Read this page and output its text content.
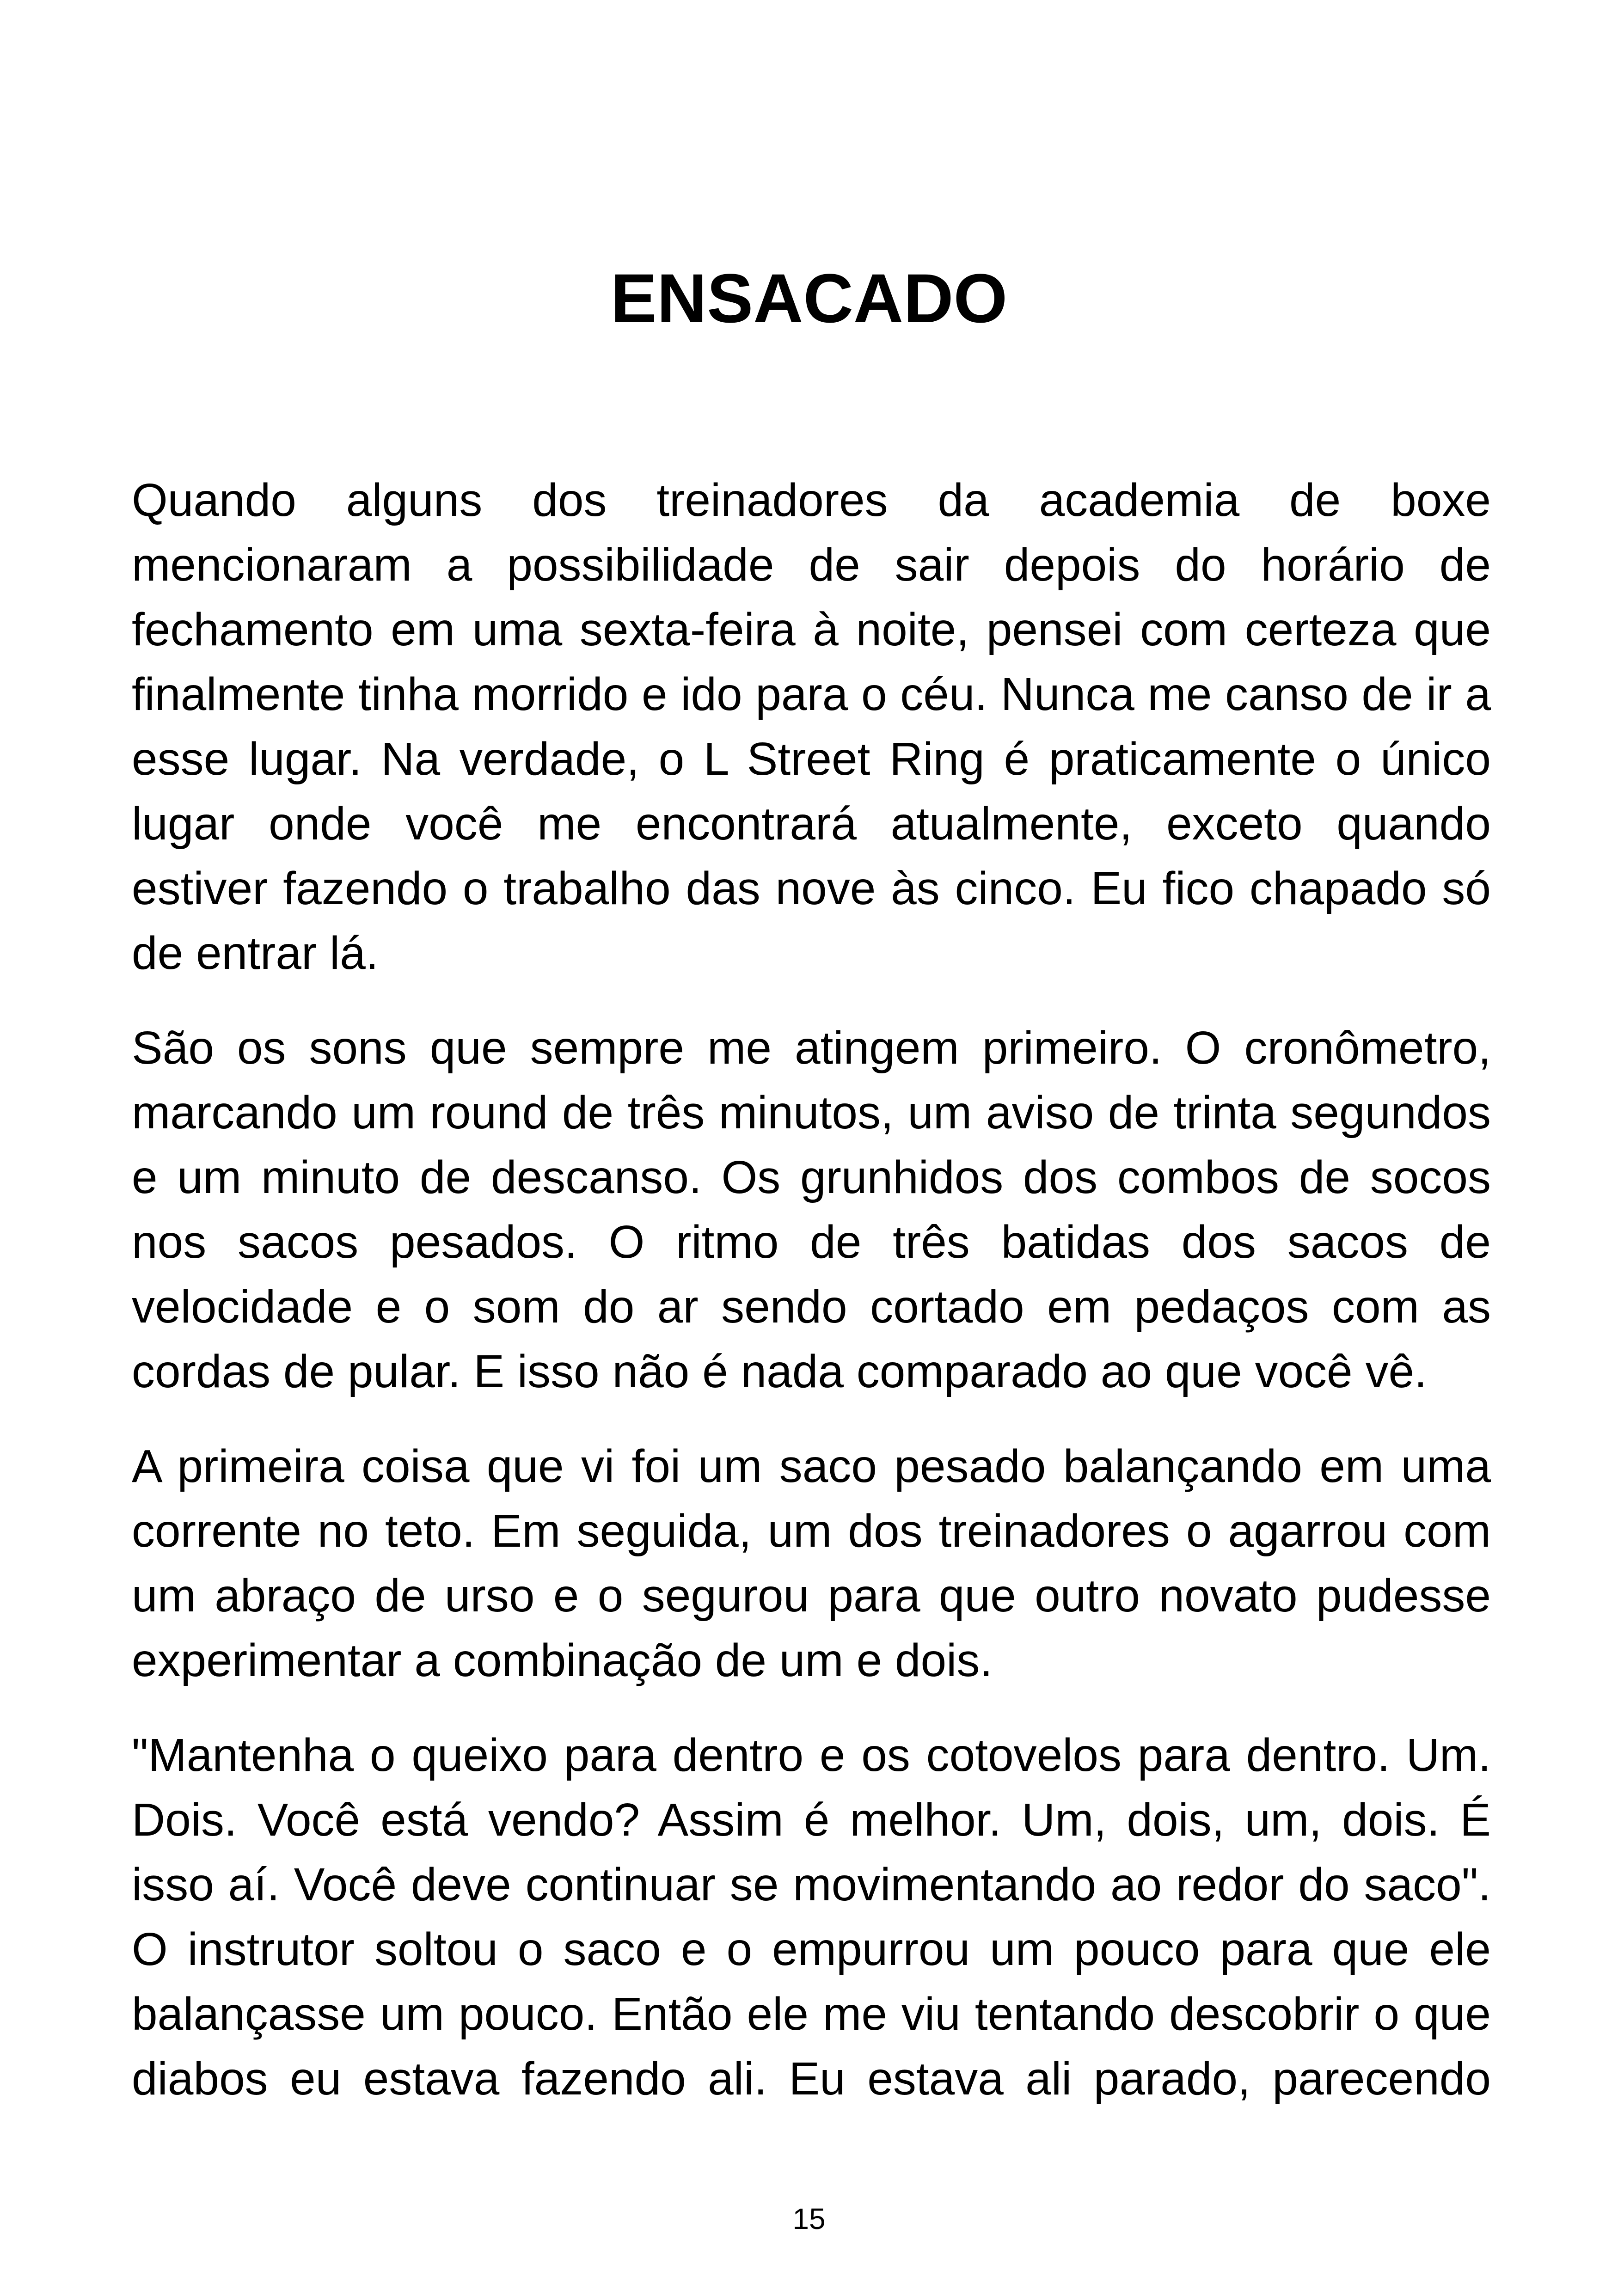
ENSACADO

Quando alguns dos treinadores da academia de boxe mencionaram a possibilidade de sair depois do horário de fechamento em uma sexta-feira à noite, pensei com certeza que finalmente tinha morrido e ido para o céu. Nunca me canso de ir a esse lugar. Na verdade, o L Street Ring é praticamente o único lugar onde você me encontrará atualmente, exceto quando estiver fazendo o trabalho das nove às cinco. Eu fico chapado só de entrar lá.

São os sons que sempre me atingem primeiro. O cronômetro, marcando um round de três minutos, um aviso de trinta segundos e um minuto de descanso. Os grunhidos dos combos de socos nos sacos pesados. O ritmo de três batidas dos sacos de velocidade e o som do ar sendo cortado em pedaços com as cordas de pular. E isso não é nada comparado ao que você vê.

A primeira coisa que vi foi um saco pesado balançando em uma corrente no teto. Em seguida, um dos treinadores o agarrou com um abraço de urso e o segurou para que outro novato pudesse experimentar a combinação de um e dois.

"Mantenha o queixo para dentro e os cotovelos para dentro. Um. Dois. Você está vendo? Assim é melhor. Um, dois, um, dois. É isso aí. Você deve continuar se movimentando ao redor do saco". O instrutor soltou o saco e o empurrou um pouco para que ele balançasse um pouco. Então ele me viu tentando descobrir o que diabos eu estava fazendo ali. Eu estava ali parado, parecendo

15
